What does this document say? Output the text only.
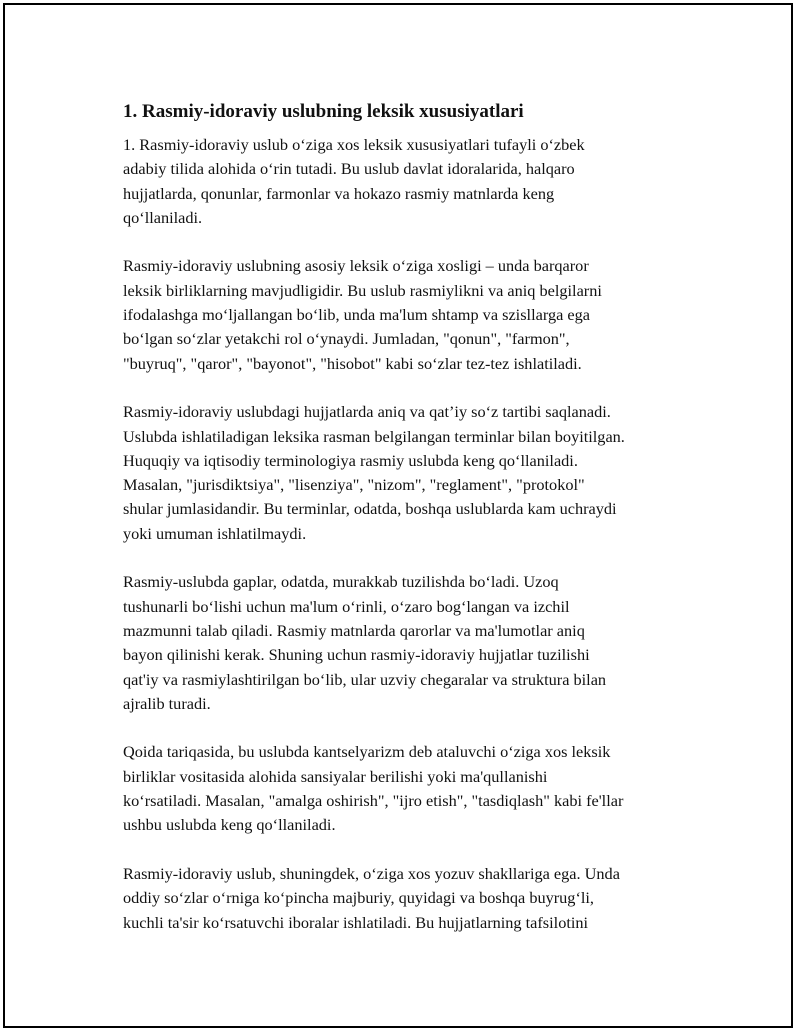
1. Rasmiy-idoraviy uslubning leksik xususiyatlari

1. Rasmiy-idoraviy uslub o‘ziga xos leksik xususiyatlari tufayli o‘zbek
adabiy tilida alohida o‘rin tutadi. Bu uslub davlat idoralarida, halqaro
hujjatlarda, qonunlar, farmonlar va hokazo rasmiy matnlarda keng
qo‘llaniladi.

Rasmiy-idoraviy uslubning asosiy leksik o‘ziga xosligi – unda barqaror
leksik birliklarning mavjudligidir. Bu uslub rasmiylikni va aniq belgilarni
ifodalashga mo‘ljallangan bo‘lib, unda ma'lum shtamp va szisllarga ega
bo‘lgan so‘zlar yetakchi rol o‘ynaydi. Jumladan, "qonun", "farmon",
"buyruq", "qaror", "bayonot", "hisobot" kabi so‘zlar tez-tez ishlatiladi.

Rasmiy-idoraviy uslubdagi hujjatlarda aniq va qat’iy so‘z tartibi saqlanadi.
Uslubda ishlatiladigan leksika rasman belgilangan terminlar bilan boyitilgan.
Huquqiy va iqtisodiy terminologiya rasmiy uslubda keng qo‘llaniladi.
Masalan, "jurisdiktsiya", "lisenziya", "nizom", "reglament", "protokol"
shular jumlasidandir. Bu terminlar, odatda, boshqa uslublarda kam uchraydi
yoki umuman ishlatilmaydi.

Rasmiy-uslubda gaplar, odatda, murakkab tuzilishda bo‘ladi. Uzoq
tushunarli bo‘lishi uchun ma'lum o‘rinli, o‘zaro bog‘langan va izchil
mazmunni talab qiladi. Rasmiy matnlarda qarorlar va ma'lumotlar aniq
bayon qilinishi kerak. Shuning uchun rasmiy-idoraviy hujjatlar tuzilishi
qat'iy va rasmiylashtirilgan bo‘lib, ular uzviy chegaralar va struktura bilan
ajralib turadi.

Qoida tariqasida, bu uslubda kantselyarizm deb ataluvchi o‘ziga xos leksik
birliklar vositasida alohida sansiyalar berilishi yoki ma'qullanishi
ko‘rsatiladi. Masalan, "amalga oshirish", "ijro etish", "tasdiqlash" kabi fe'llar
ushbu uslubda keng qo‘llaniladi.

Rasmiy-idoraviy uslub, shuningdek, o‘ziga xos yozuv shakllariga ega. Unda
oddiy so‘zlar o‘rniga ko‘pincha majburiy, quyidagi va boshqa buyrug‘li,
kuchli ta'sir ko‘rsatuvchi iboralar ishlatiladi. Bu hujjatlarning tafsilotini
